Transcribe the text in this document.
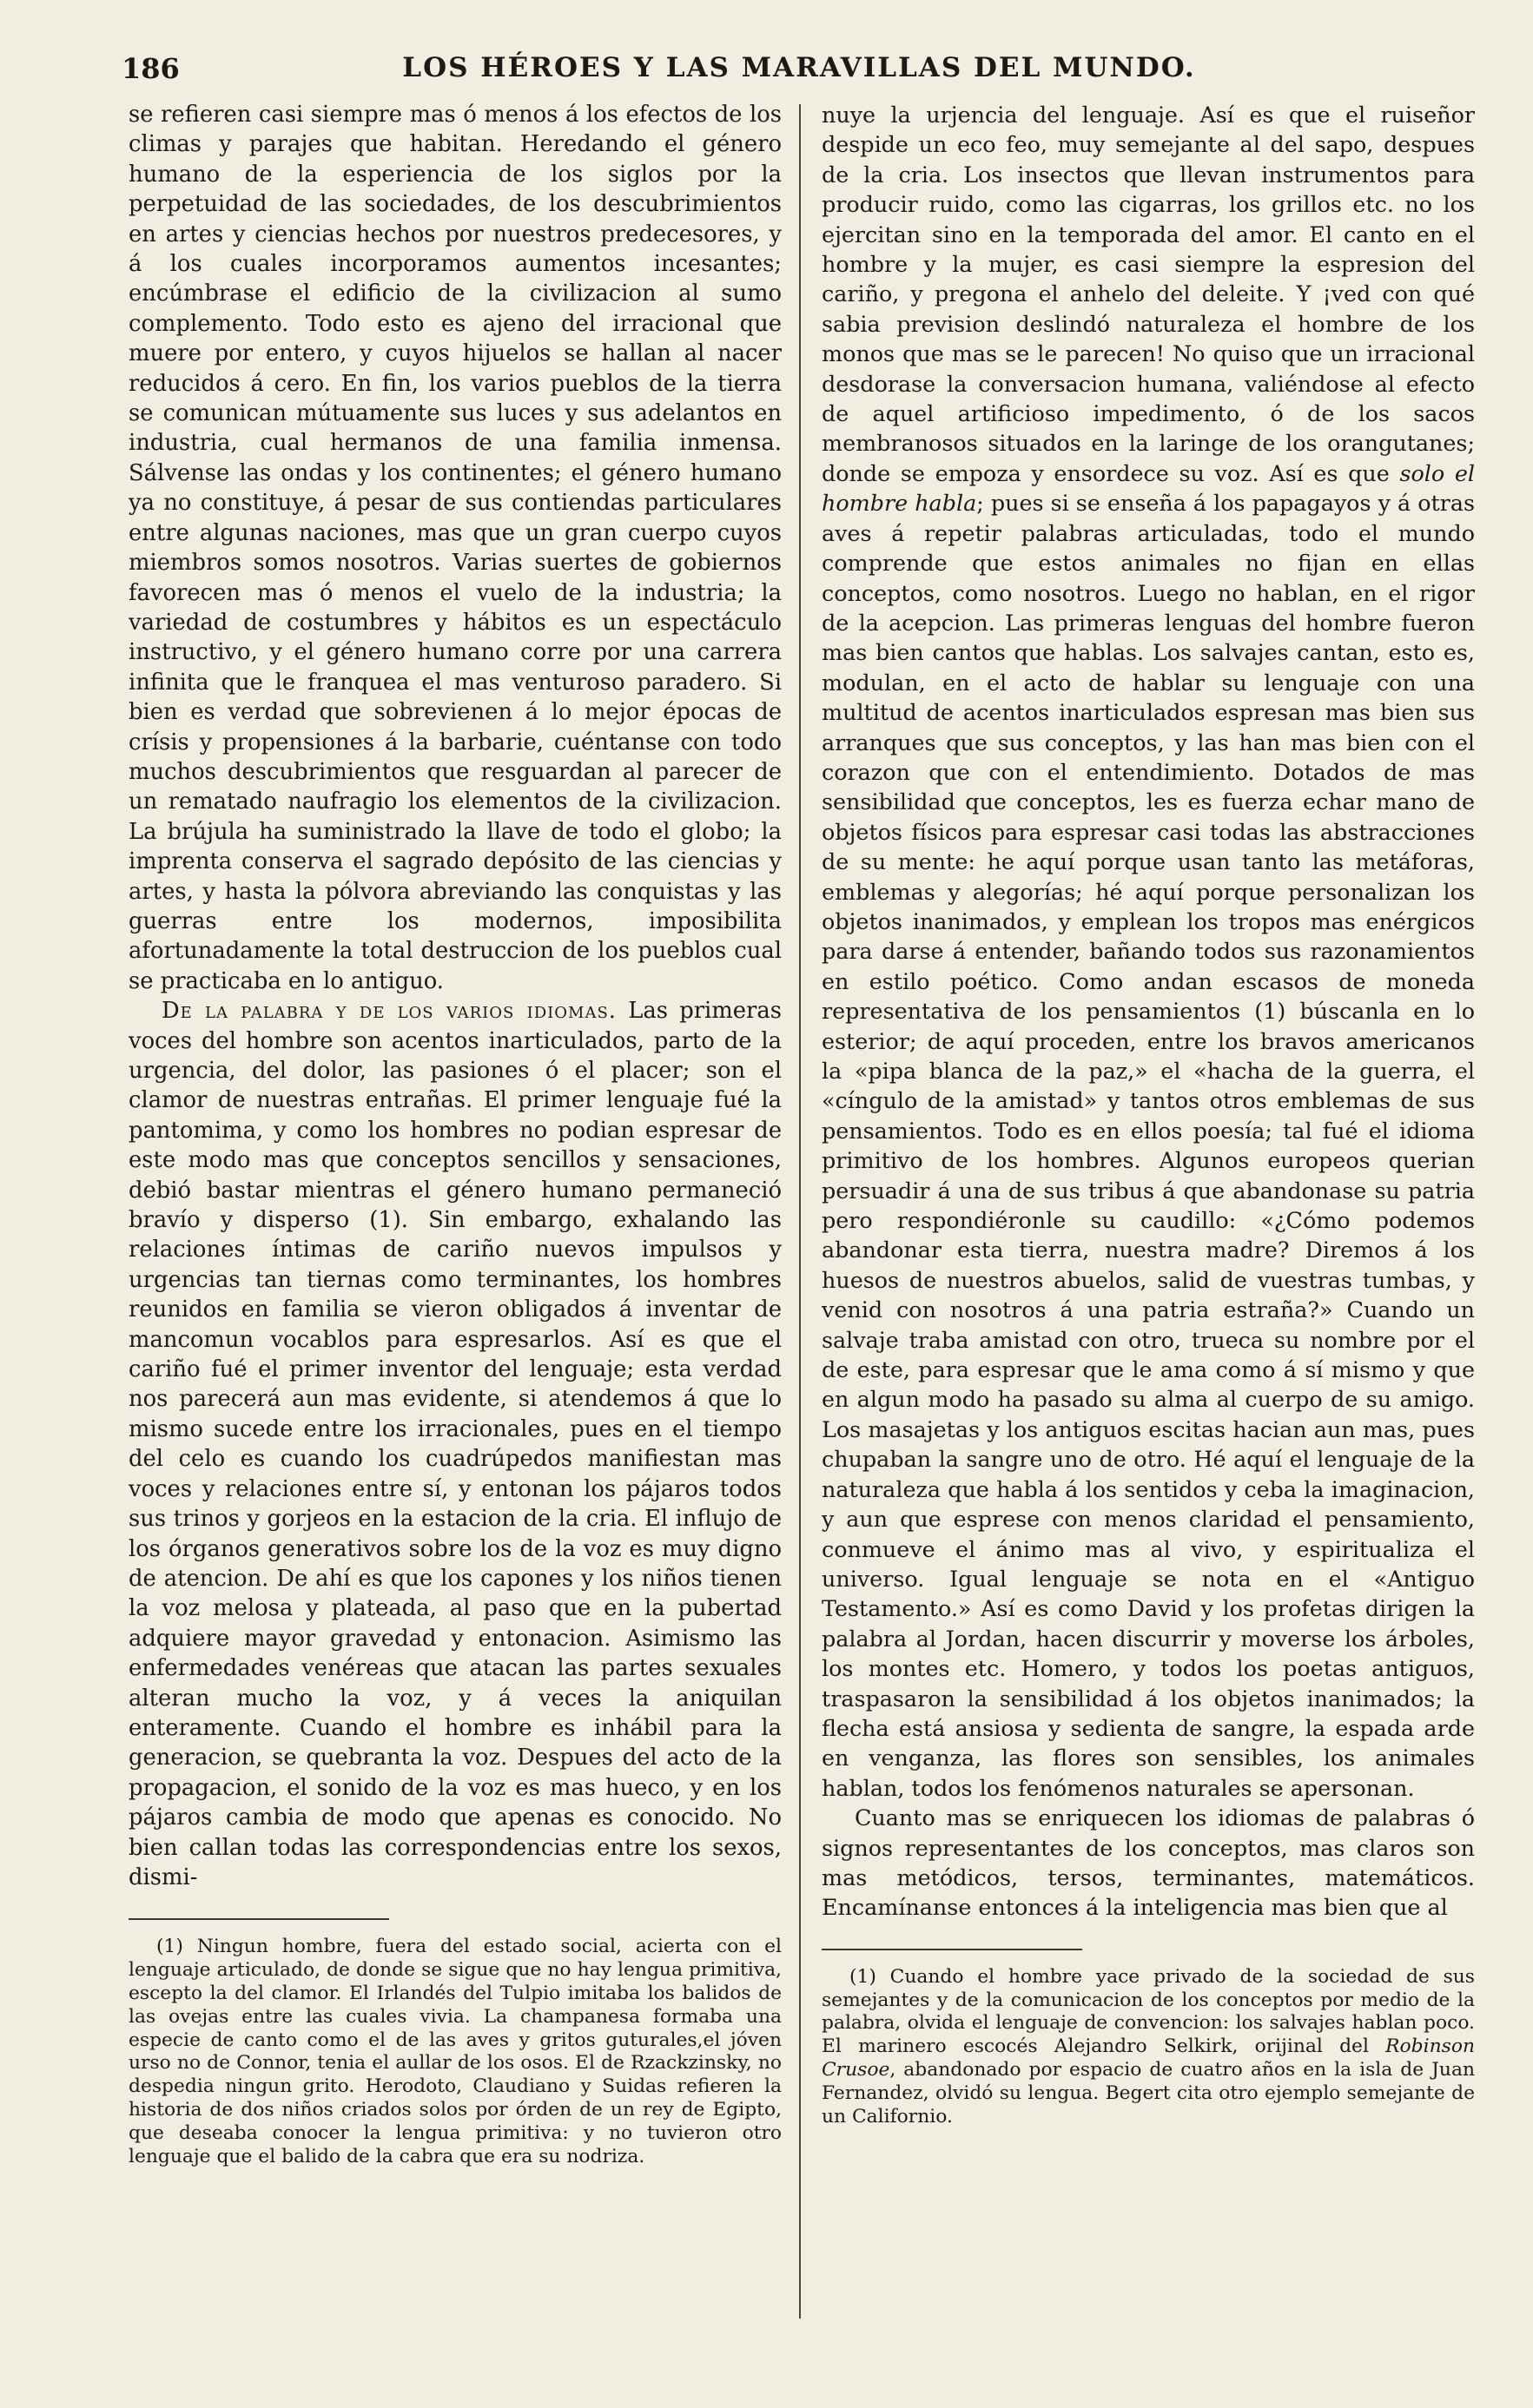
186	LOS HÉROES Y LAS MARAVILLAS DEL MUNDO.

se refieren casi siempre mas ó menos á los efectos de los climas y parajes que habitan. Heredando el género humano de la esperiencia de los siglos por la perpetuidad de las sociedades, de los descubrimientos en artes y ciencias hechos por nuestros predecesores, y á los cuales incorporamos aumentos incesantes; encúmbrase el edificio de la civilizacion al sumo complemento. Todo esto es ajeno del irracional que muere por entero, y cuyos hijuelos se hallan al nacer reducidos á cero. En fin, los varios pueblos de la tierra se comunican mútuamente sus luces y sus adelantos en industria, cual hermanos de una familia inmensa. Sálvense las ondas y los continentes; el género humano ya no constituye, á pesar de sus contiendas particulares entre algunas naciones, mas que un gran cuerpo cuyos miembros somos nosotros. Varias suertes de gobiernos favorecen mas ó menos el vuelo de la industria; la variedad de costumbres y hábitos es un espectáculo instructivo, y el género humano corre por una carrera infinita que le franquea el mas venturoso paradero. Si bien es verdad que sobrevienen á lo mejor épocas de crísis y propensiones á la barbarie, cuéntanse con todo muchos descubrimientos que resguardan al parecer de un rematado naufragio los elementos de la civilizacion. La brújula ha suministrado la llave de todo el globo; la imprenta conserva el sagrado depósito de las ciencias y artes, y hasta la pólvora abreviando las conquistas y las guerras entre los modernos, imposibilita afortunadamente la total destruccion de los pueblos cual se practicaba en lo antiguo.

De la palabra y de los varios idiomas. Las primeras voces del hombre son acentos inarticulados, parto de la urgencia, del dolor, las pasiones ó el placer; son el clamor de nuestras entrañas. El primer lenguaje fué la pantomima, y como los hombres no podian espresar de este modo mas que conceptos sencillos y sensaciones, debió bastar mientras el género humano permaneció bravío y disperso (1). Sin embargo, exhalando las relaciones íntimas de cariño nuevos impulsos y urgencias tan tiernas como terminantes, los hombres reunidos en familia se vieron obligados á inventar de mancomun vocablos para espresarlos. Así es que el cariño fué el primer inventor del lenguaje; esta verdad nos parecerá aun mas evidente, si atendemos á que lo mismo sucede entre los irracionales, pues en el tiempo del celo es cuando los cuadrúpedos manifiestan mas voces y relaciones entre sí, y entonan los pájaros todos sus trinos y gorjeos en la estacion de la cria. El influjo de los órganos generativos sobre los de la voz es muy digno de atencion. De ahí es que los capones y los niños tienen la voz melosa y plateada, al paso que en la pubertad adquiere mayor gravedad y entonacion. Asimismo las enfermedades venéreas que atacan las partes sexuales alteran mucho la voz, y á veces la aniquilan enteramente. Cuando el hombre es inhábil para la generacion, se quebranta la voz. Despues del acto de la propagacion, el sonido de la voz es mas hueco, y en los pájaros cambia de modo que apenas es conocido. No bien callan todas las correspondencias entre los sexos, dismi-

(1) Ningun hombre, fuera del estado social, acierta con el lenguaje articulado, de donde se sigue que no hay lengua primitiva, escepto la del clamor. El Irlandés del Tulpio imitaba los balidos de las ovejas entre las cuales vivia. La champanesa formaba una especie de canto como el de las aves y gritos guturales,el jóven urso no de Connor, tenia el aullar de los osos. El de Rzackzinsky, no despedia ningun grito. Herodoto, Claudiano y Suidas refieren la historia de dos niños criados solos por órden de un rey de Egipto, que deseaba conocer la lengua primitiva: y no tuvieron otro lenguaje que el balido de la cabra que era su nodriza.

nuye la urjencia del lenguaje. Así es que el ruiseñor despide un eco feo, muy semejante al del sapo, despues de la cria. Los insectos que llevan instrumentos para producir ruido, como las cigarras, los grillos etc. no los ejercitan sino en la temporada del amor. El canto en el hombre y la mujer, es casi siempre la espresion del cariño, y pregona el anhelo del deleite. Y ¡ved con qué sabia prevision deslindó naturaleza el hombre de los monos que mas se le parecen! No quiso que un irracional desdorase la conversacion humana, valiéndose al efecto de aquel artificioso impedimento, ó de los sacos membranosos situados en la laringe de los orangutanes; donde se empoza y ensordece su voz. Así es que solo el hombre habla; pues si se enseña á los papagayos y á otras aves á repetir palabras articuladas, todo el mundo comprende que estos animales no fijan en ellas conceptos, como nosotros. Luego no hablan, en el rigor de la acepcion. Las primeras lenguas del hombre fueron mas bien cantos que hablas. Los salvajes cantan, esto es, modulan, en el acto de hablar su lenguaje con una multitud de acentos inarticulados espresan mas bien sus arranques que sus conceptos, y las han mas bien con el corazon que con el entendimiento. Dotados de mas sensibilidad que conceptos, les es fuerza echar mano de objetos físicos para espresar casi todas las abstracciones de su mente: he aquí porque usan tanto las metáforas, emblemas y alegorías; hé aquí porque personalizan los objetos inanimados, y emplean los tropos mas enérgicos para darse á entender, bañando todos sus razonamientos en estilo poético. Como andan escasos de moneda representativa de los pensamientos (1) búscanla en lo esterior; de aquí proceden, entre los bravos americanos la «pipa blanca de la paz,» el «hacha de la guerra, el «cíngulo de la amistad» y tantos otros emblemas de sus pensamientos. Todo es en ellos poesía; tal fué el idioma primitivo de los hombres. Algunos europeos querian persuadir á una de sus tribus á que abandonase su patria pero respondiéronle su caudillo: «¿Cómo podemos abandonar esta tierra, nuestra madre? Diremos á los huesos de nuestros abuelos, salid de vuestras tumbas, y venid con nosotros á una patria estraña?» Cuando un salvaje traba amistad con otro, trueca su nombre por el de este, para espresar que le ama como á sí mismo y que en algun modo ha pasado su alma al cuerpo de su amigo. Los masajetas y los antiguos escitas hacian aun mas, pues chupaban la sangre uno de otro. Hé aquí el lenguaje de la naturaleza que habla á los sentidos y ceba la imaginacion, y aun que esprese con menos claridad el pensamiento, conmueve el ánimo mas al vivo, y espiritualiza el universo. Igual lenguaje se nota en el «Antiguo Testamento.» Así es como David y los profetas dirigen la palabra al Jordan, hacen discurrir y moverse los árboles, los montes etc. Homero, y todos los poetas antiguos, traspasaron la sensibilidad á los objetos inanimados; la flecha está ansiosa y sedienta de sangre, la espada arde en venganza, las flores son sensibles, los animales hablan, todos los fenómenos naturales se apersonan.

Cuanto mas se enriquecen los idiomas de palabras ó signos representantes de los conceptos, mas claros son mas metódicos, tersos, terminantes, matemáticos. Encamínanse entonces á la inteligencia mas bien que al

(1) Cuando el hombre yace privado de la sociedad de sus semejantes y de la comunicacion de los conceptos por medio de la palabra, olvida el lenguaje de convencion: los salvajes hablan poco. El marinero escocés Alejandro Selkirk, orijinal del Robinson Crusoe, abandonado por espacio de cuatro años en la isla de Juan Fernandez, olvidó su lengua. Begert cita otro ejemplo semejante de un Californio.
